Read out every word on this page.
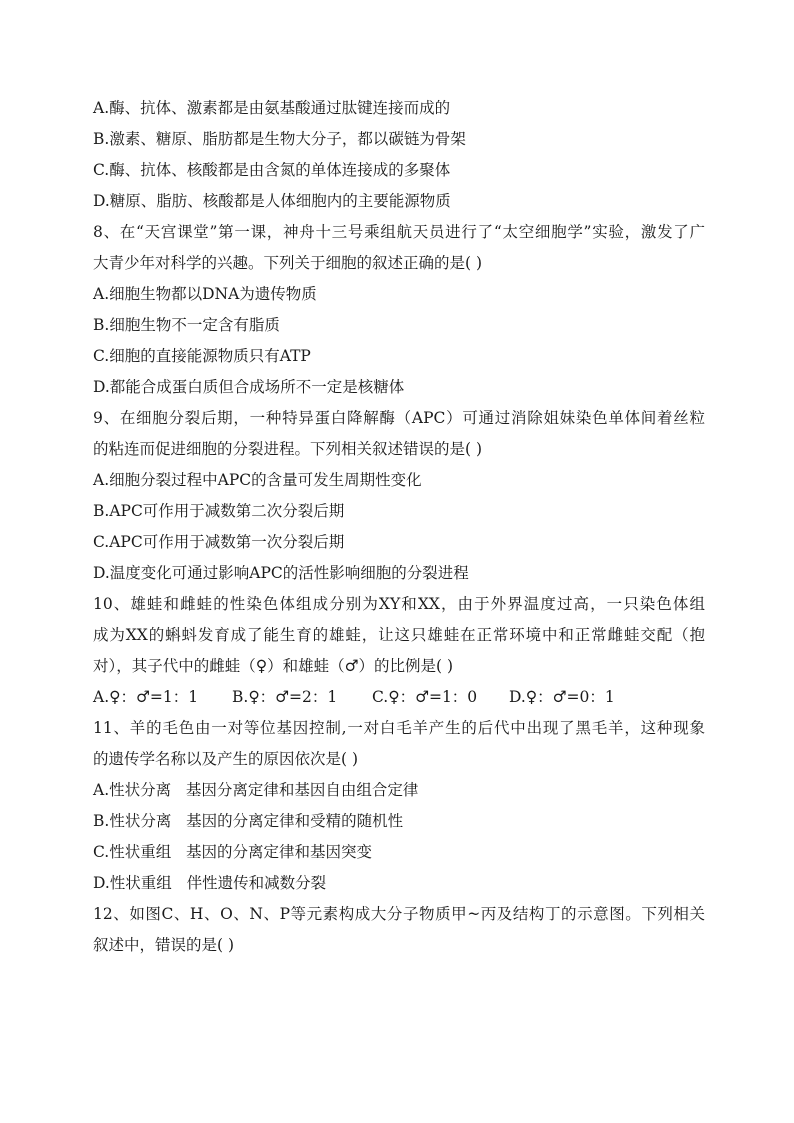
A.酶、抗体、激素都是由氨基酸通过肽键连接而成的
B.激素、糖原、脂肪都是生物大分子，都以碳链为骨架
C.酶、抗体、核酸都是由含氮的单体连接成的多聚体
D.糖原、脂肪、核酸都是人体细胞内的主要能源物质
8、在“天宫课堂”第一课，神舟十三号乘组航天员进行了“太空细胞学”实验，激发了广
大青少年对科学的兴趣。下列关于细胞的叙述正确的是( )
A.细胞生物都以DNA为遗传物质
B.细胞生物不一定含有脂质
C.细胞的直接能源物质只有ATP
D.都能合成蛋白质但合成场所不一定是核糖体
9、在细胞分裂后期，一种特异蛋白降解酶（APC）可通过消除姐妹染色单体间着丝粒
的粘连而促进细胞的分裂进程。下列相关叙述错误的是( )
A.细胞分裂过程中APC的含量可发生周期性变化
B.APC可作用于减数第二次分裂后期
C.APC可作用于减数第一次分裂后期
D.温度变化可通过影响APC的活性影响细胞的分裂进程
10、雄蛙和雌蛙的性染色体组成分别为XY和XX，由于外界温度过高，一只染色体组
成为XX的蝌蚪发育成了能生育的雄蛙，让这只雄蛙在正常环境中和正常雌蛙交配（抱
对），其子代中的雌蛙（♀）和雄蛙（♂）的比例是( )
A.♀：♂=1：1	B.♀：♂=2：1	C.♀：♂=1：0	D.♀：♂=0：1
11、羊的毛色由一对等位基因控制,一对白毛羊产生的后代中出现了黑毛羊，这种现象
的遗传学名称以及产生的原因依次是( )
A.性状分离   基因分离定律和基因自由组合定律
B.性状分离   基因的分离定律和受精的随机性
C.性状重组   基因的分离定律和基因突变
D.性状重组   伴性遗传和减数分裂
12、如图C、H、O、N、P等元素构成大分子物质甲~丙及结构丁的示意图。下列相关
叙述中，错误的是( )
